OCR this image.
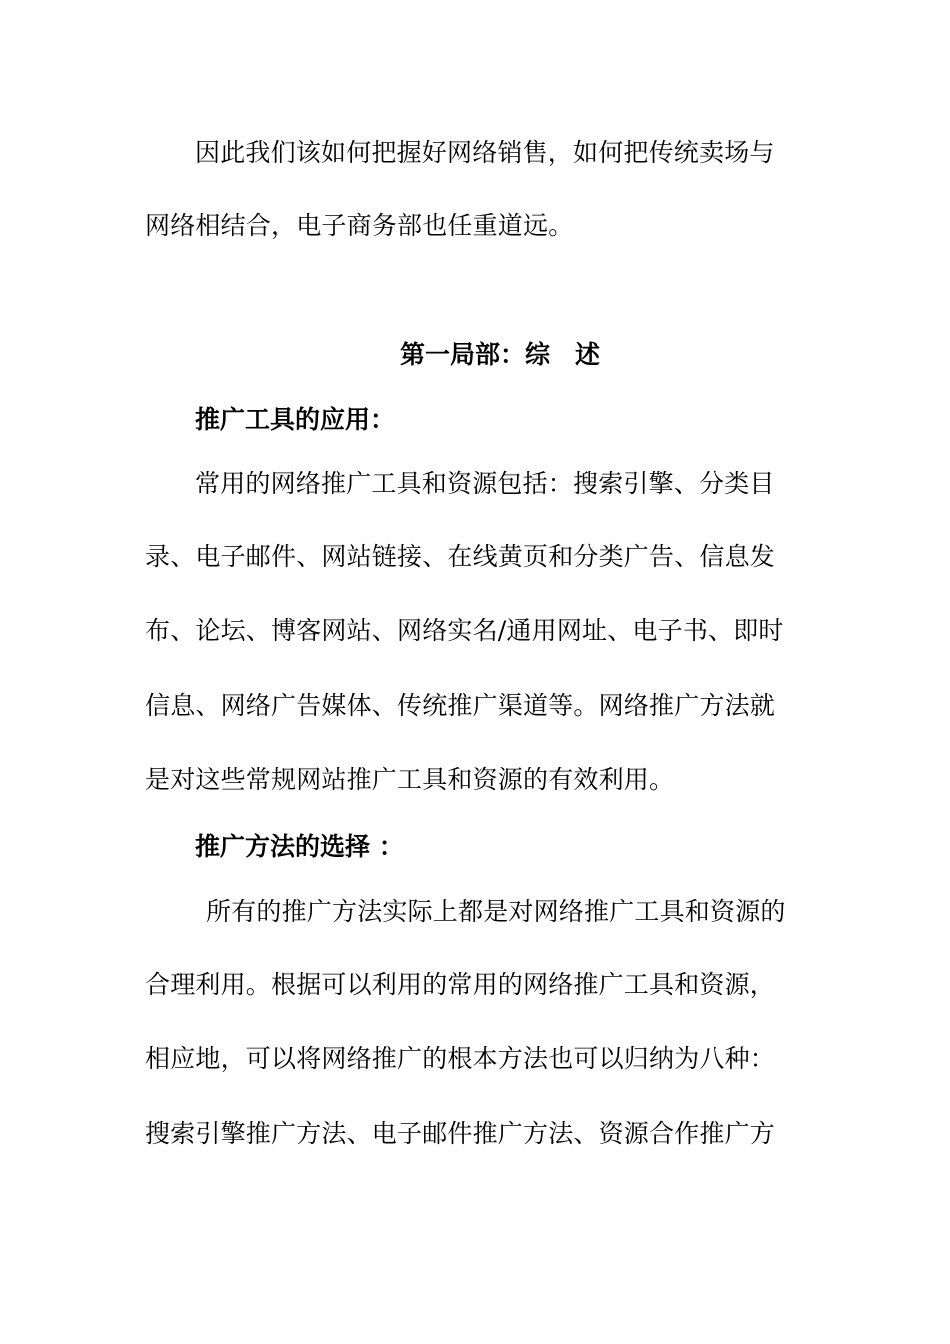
因此我们该如何把握好网络销售，如何把传统卖场与
网络相结合，电子商务部也任重道远。
第一局部：综　述
推广工具的应用：
常用的网络推广工具和资源包括：搜索引擎、分类目
录、电子邮件、网站链接、在线黄页和分类广告、信息发
布、论坛、博客网站、网络实名/通用网址、电子书、即时
信息、网络广告媒体、传统推广渠道等。网络推广方法就
是对这些常规网站推广工具和资源的有效利用。
推广方法的选择 ：
所有的推广方法实际上都是对网络推广工具和资源的
合理利用。根据可以利用的常用的网络推广工具和资源，
相应地，可以将网络推广的根本方法也可以归纳为八种：
搜索引擎推广方法、电子邮件推广方法、资源合作推广方
